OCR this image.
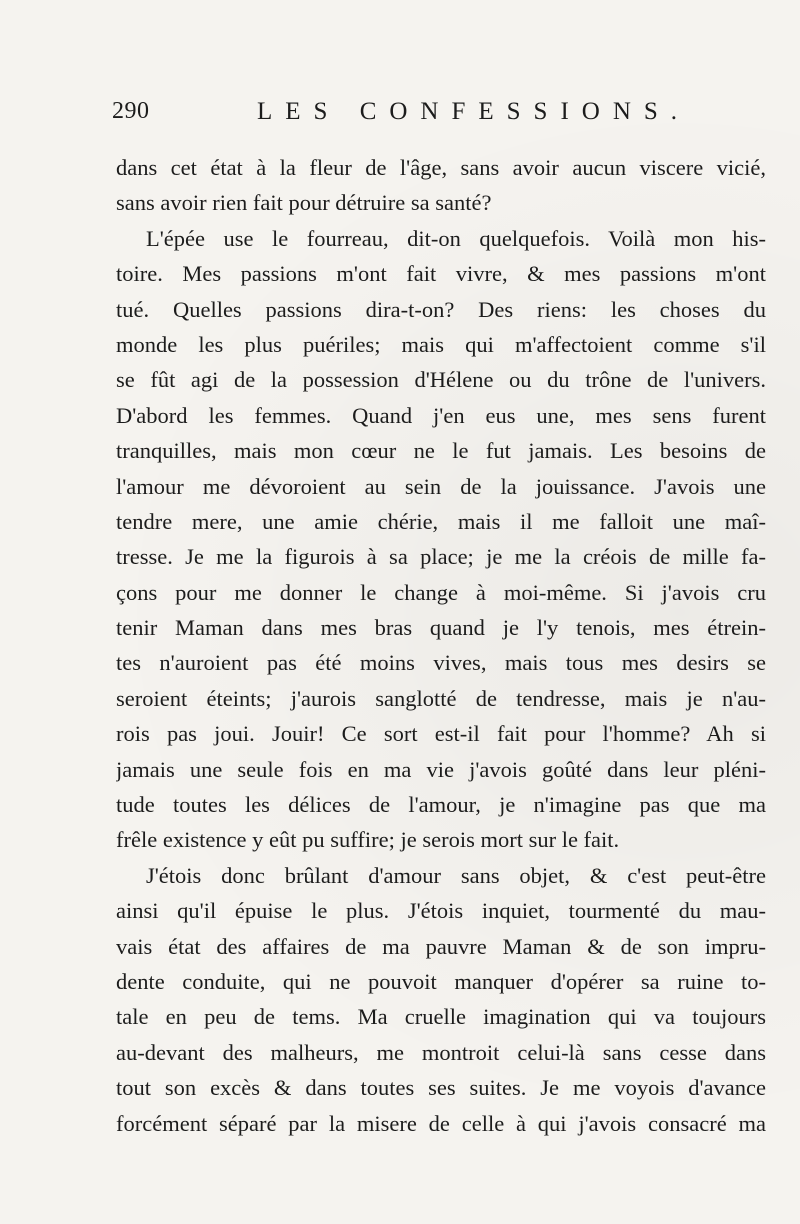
290	LES CONFESSIONS.
dans cet état à la fleur de l'âge, sans avoir aucun viscere vicié,
sans avoir rien fait pour détruire sa santé?
L'épée use le fourreau, dit-on quelquefois. Voilà mon his-
toire. Mes passions m'ont fait vivre, & mes passions m'ont
tué. Quelles passions dira-t-on? Des riens: les choses du
monde les plus puériles; mais qui m'affectoient comme s'il
se fût agi de la possession d'Hélene ou du trône de l'univers.
D'abord les femmes. Quand j'en eus une, mes sens furent
tranquilles, mais mon cœur ne le fut jamais. Les besoins de
l'amour me dévoroient au sein de la jouissance. J'avois une
tendre mere, une amie chérie, mais il me falloit une maî-
tresse. Je me la figurois à sa place; je me la créois de mille fa-
çons pour me donner le change à moi-même. Si j'avois cru
tenir Maman dans mes bras quand je l'y tenois, mes étrein-
tes n'auroient pas été moins vives, mais tous mes desirs se
seroient éteints; j'aurois sanglotté de tendresse, mais je n'au-
rois pas joui. Jouir! Ce sort est-il fait pour l'homme? Ah si
jamais une seule fois en ma vie j'avois goûté dans leur pléni-
tude toutes les délices de l'amour, je n'imagine pas que ma
frêle existence y eût pu suffire; je serois mort sur le fait.
J'étois donc brûlant d'amour sans objet, & c'est peut-être
ainsi qu'il épuise le plus. J'étois inquiet, tourmenté du mau-
vais état des affaires de ma pauvre Maman & de son impru-
dente conduite, qui ne pouvoit manquer d'opérer sa ruine to-
tale en peu de tems. Ma cruelle imagination qui va toujours
au-devant des malheurs, me montroit celui-là sans cesse dans
tout son excès & dans toutes ses suites. Je me voyois d'avance
forcément séparé par la misere de celle à qui j'avois consacré ma
